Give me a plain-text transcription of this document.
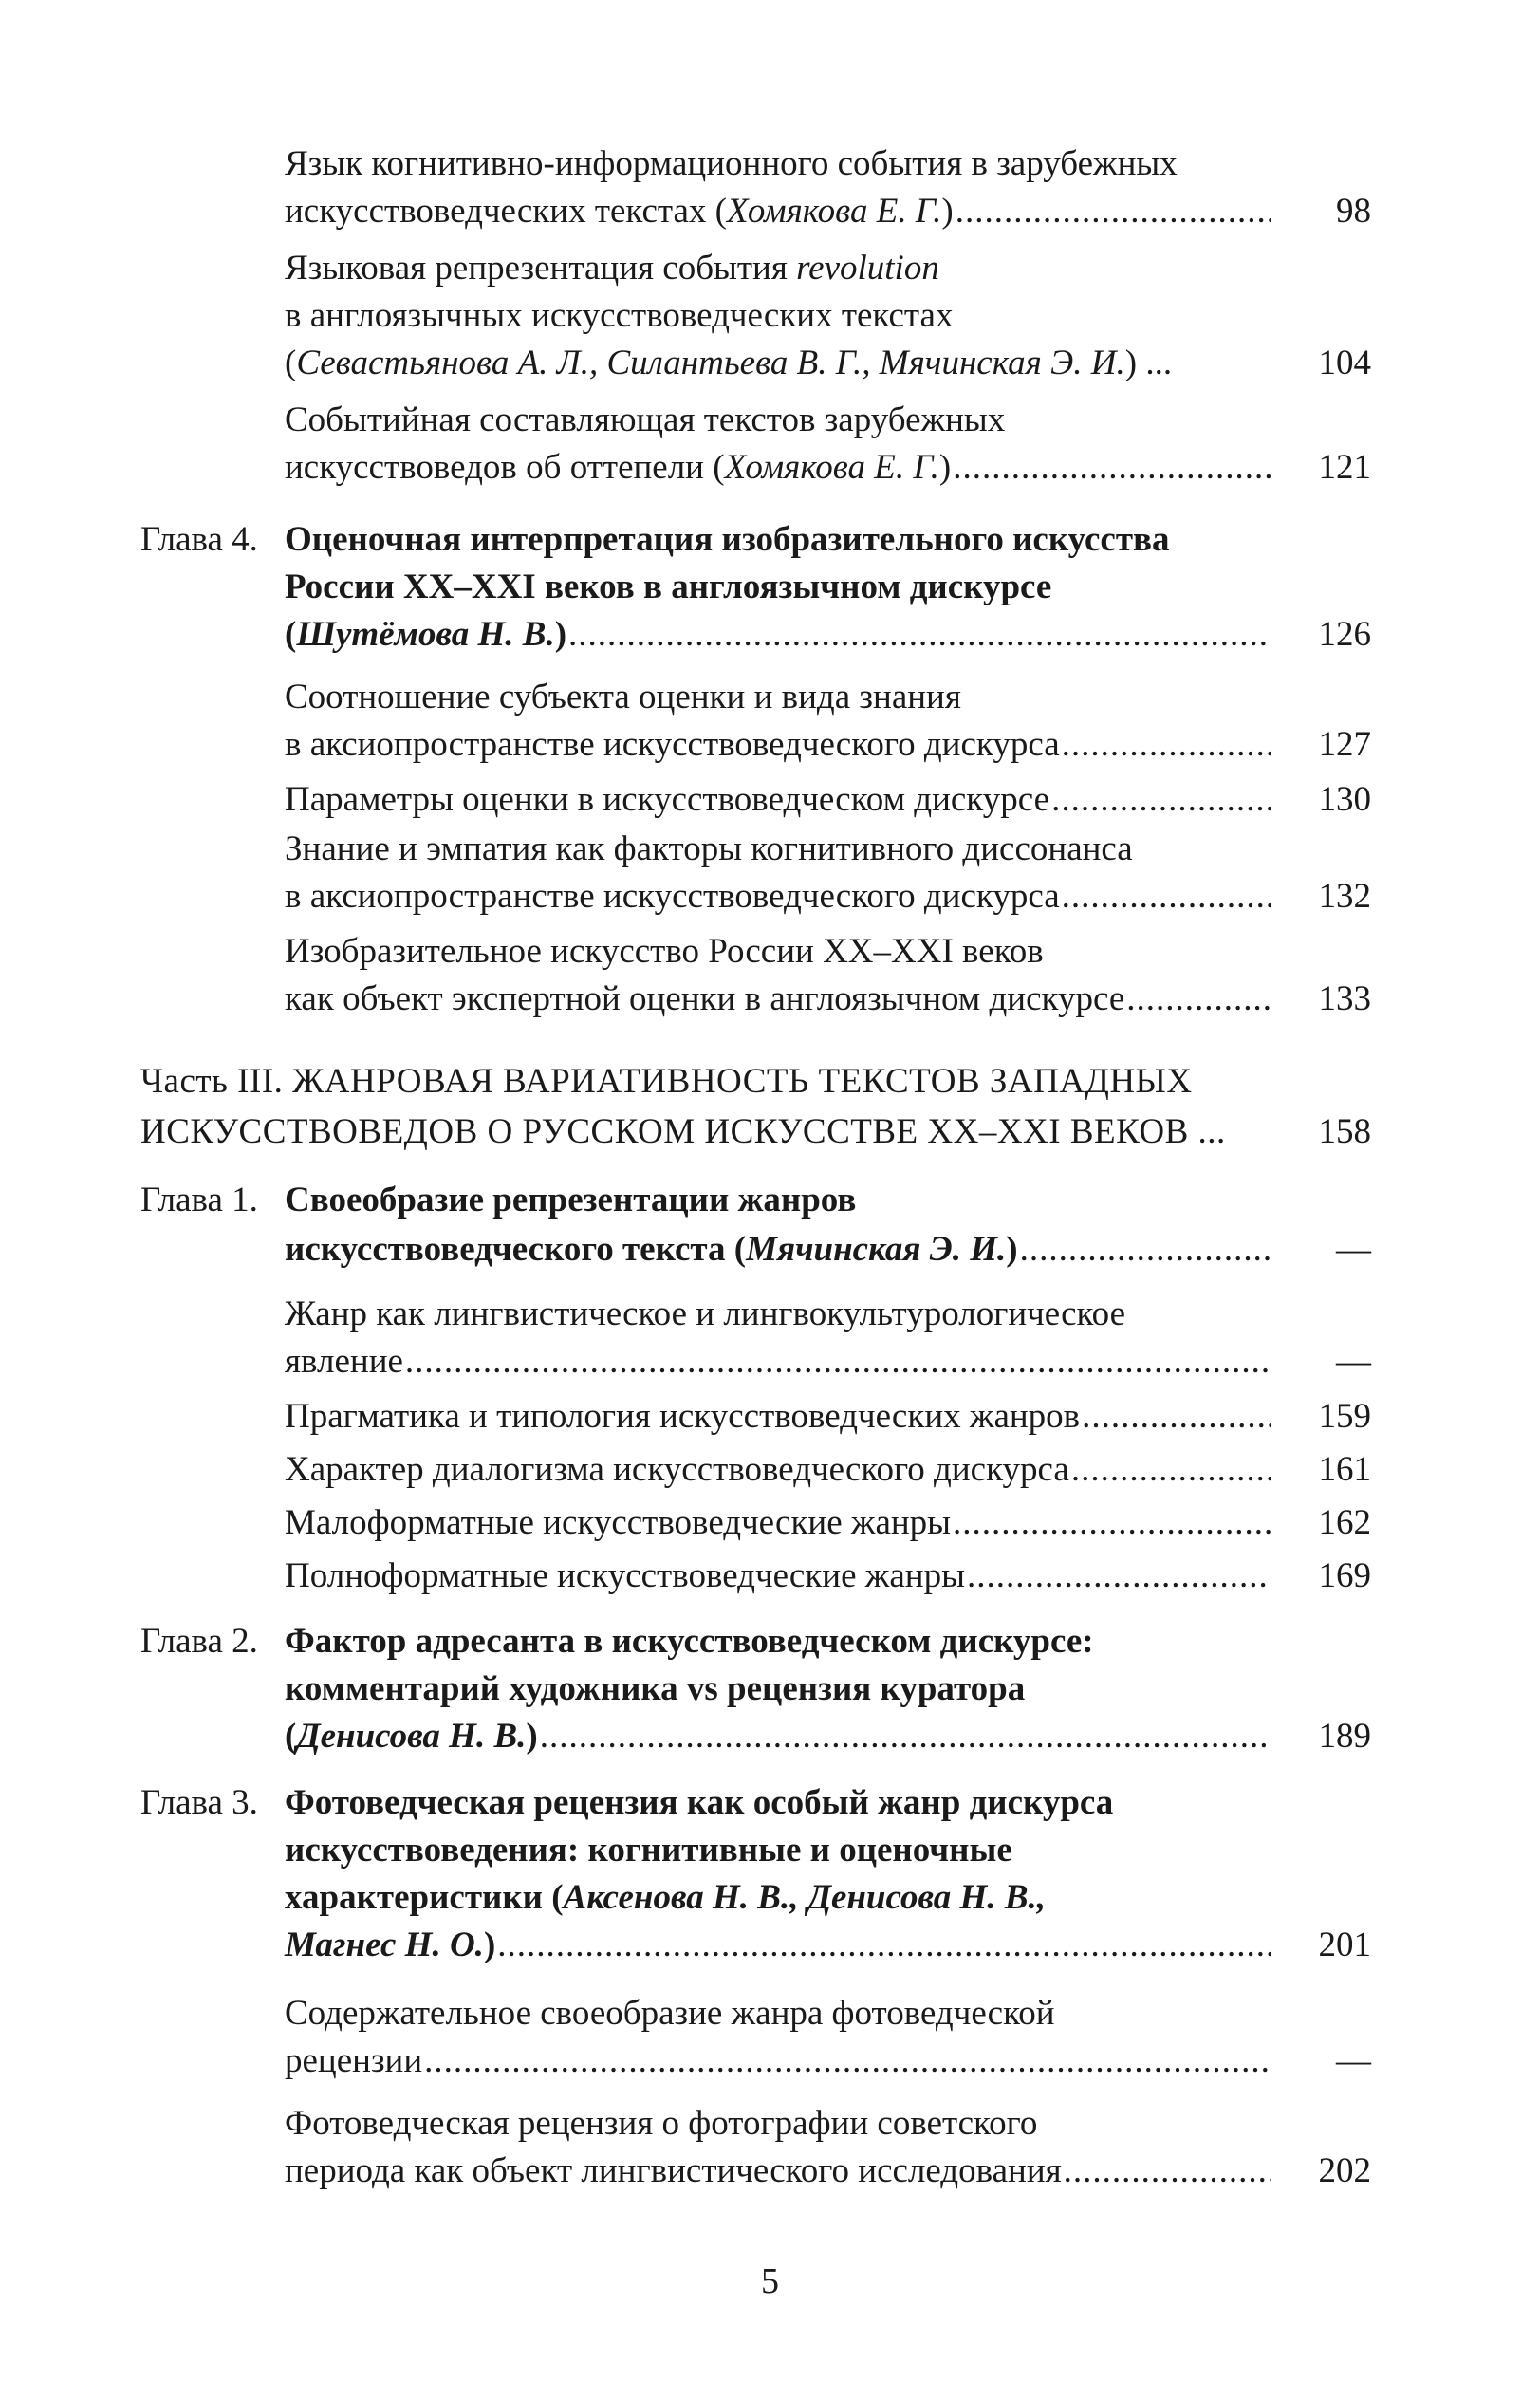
Язык когнитивно-информационного события в зарубежных
искусствоведческих текстах (Хомякова Е. Г.) .....	98
Языковая репрезентация события revolution
в англоязычных искусствоведческих текстах
(Севастьянова А. Л., Силантьева В. Г., Мячинская Э. И.) ...	104
Событийная составляющая текстов зарубежных
искусствоведов об оттепели (Хомякова Е. Г.) .....	121
Глава 4. Оценочная интерпретация изобразительного искусства
России XX–XXI веков в англоязычном дискурсе
(Шутёмова Н. В.) .....	126
Соотношение субъекта оценки и вида знания
в аксиопространстве искусствоведческого дискурса .....	127
Параметры оценки в искусствоведческом дискурсе .....	130
Знание и эмпатия как факторы когнитивного диссонанса
в аксиопространстве искусствоведческого дискурса .....	132
Изобразительное искусство России XX–XXI веков
как объект экспертной оценки в англоязычном дискурсе .....	133
Часть III. ЖАНРОВАЯ ВАРИАТИВНОСТЬ ТЕКСТОВ ЗАПАДНЫХ
ИСКУССТВОВЕДОВ О РУССКОМ ИСКУССТВЕ XX–XXI ВЕКОВ ...	158
Глава 1. Своеобразие репрезентации жанров
искусствоведческого текста (Мячинская Э. И.) .....	—
Жанр как лингвистическое и лингвокультурологическое
явление .....	—
Прагматика и типология искусствоведческих жанров .....	159
Характер диалогизма искусствоведческого дискурса .....	161
Малоформатные искусствоведческие жанры .....	162
Полноформатные искусствоведческие жанры .....	169
Глава 2. Фактор адресанта в искусствоведческом дискурсе:
комментарий художника vs рецензия куратора
(Денисова Н. В.) .....	189
Глава 3. Фотоведческая рецензия как особый жанр дискурса
искусствоведения: когнитивные и оценочные
характеристики (Аксенова Н. В., Денисова Н. В.,
Магнес Н. О.) .....	201
Содержательное своеобразие жанра фотоведческой
рецензии .....	—
Фотоведческая рецензия о фотографии советского
периода как объект лингвистического исследования .....	202
5
